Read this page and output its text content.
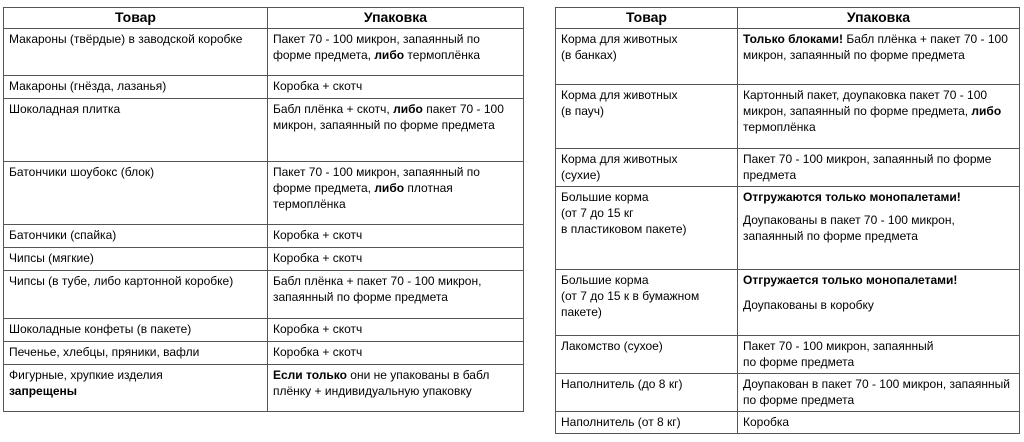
Товар	Упаковка
Макароны (твёрдые) в заводской коробке	Пакет 70 - 100 микрон, запаянный по форме предмета, либо термоплёнка
Макароны (гнёзда, лазанья)	Коробка + скотч
Шоколадная плитка	Бабл плёнка + скотч, либо пакет 70 - 100 микрон, запаянный по форме предмета
Батончики шоубокс (блок)	Пакет 70 - 100 микрон, запаянный по форме предмета, либо плотная термоплёнка
Батончики (спайка)	Коробка + скотч
Чипсы (мягкие)	Коробка + скотч
Чипсы (в тубе, либо картонной коробке)	Бабл плёнка + пакет 70 - 100 микрон, запаянный по форме предмета
Шоколадные конфеты (в пакете)	Коробка + скотч
Печенье, хлебцы, пряники, вафли	Коробка + скотч

Фигурные, хрупкие изделия
запрещены	Если только они не упакованы в бабл плёнку + индивидуальную упаковку
Товар	Упаковка

Корма для животных
(в банках)	Только блоками! Бабл плёнка + пакет 70 - 100 микрон, запаянный по форме предмета

Корма для животных
(в пауч)	Картонный пакет, доупаковка пакет 70 - 100 микрон, запаянный по форме предмета, либо термоплёнка

Корма для животных
(сухие)	Пакет 70 - 100 микрон, запаянный по форме предмета

Большие корма
(от 7 до 15 кг
в пластиковом пакете)	Отгружаются только монопалетами!
Доупакованы в пакет 70 - 100 микрон, запаянный по форме предмета

Большие корма
(от 7 до 15 к в бумажном пакете)	Отгружается только монопалетами!
Доупакованы в коробку

Лакомство (сухое)	Пакет 70 - 100 микрон, запаянный
по форме предмета

Наполнитель (до 8 кг)	Доупакован в пакет 70 - 100 микрон, запаянный по форме предмета
Наполнитель (от 8 кг)	Коробка
